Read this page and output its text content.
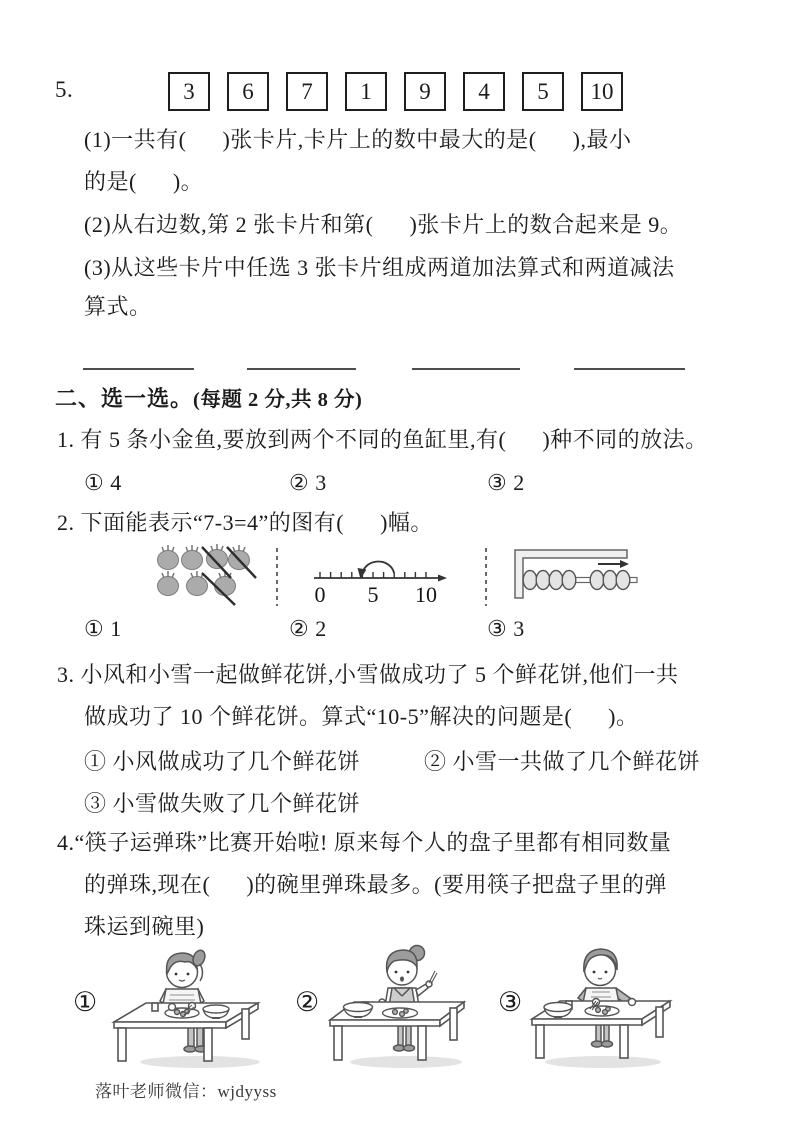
5.	3 6 7 1 9 4 5 10
(1)一共有(      )张卡片,卡片上的数中最大的是(      ),最小
的是(      )。
(2)从右边数,第 2 张卡片和第(      )张卡片上的数合起来是 9。
(3)从这些卡片中任选 3 张卡片组成两道加法算式和两道减法
算式。
二、选一选。(每题 2 分,共 8 分)
1. 有 5 条小金鱼,要放到两个不同的鱼缸里,有(      )种不同的放法。
① 4	② 3	③ 2
2. 下面能表示“7-3=4”的图有(      )幅。
0 5 10
① 1	② 2	③ 3
3. 小风和小雪一起做鲜花饼,小雪做成功了 5 个鲜花饼,他们一共
做成功了 10 个鲜花饼。算式“10-5”解决的问题是(      )。
① 小风做成功了几个鲜花饼	② 小雪一共做了几个鲜花饼
③ 小雪做失败了几个鲜花饼
4.“筷子运弹珠”比赛开始啦! 原来每个人的盘子里都有相同数量
的弹珠,现在(      )的碗里弹珠最多。(要用筷子把盘子里的弹
珠运到碗里)
①	②	③
落叶老师微信：wjdyyss
